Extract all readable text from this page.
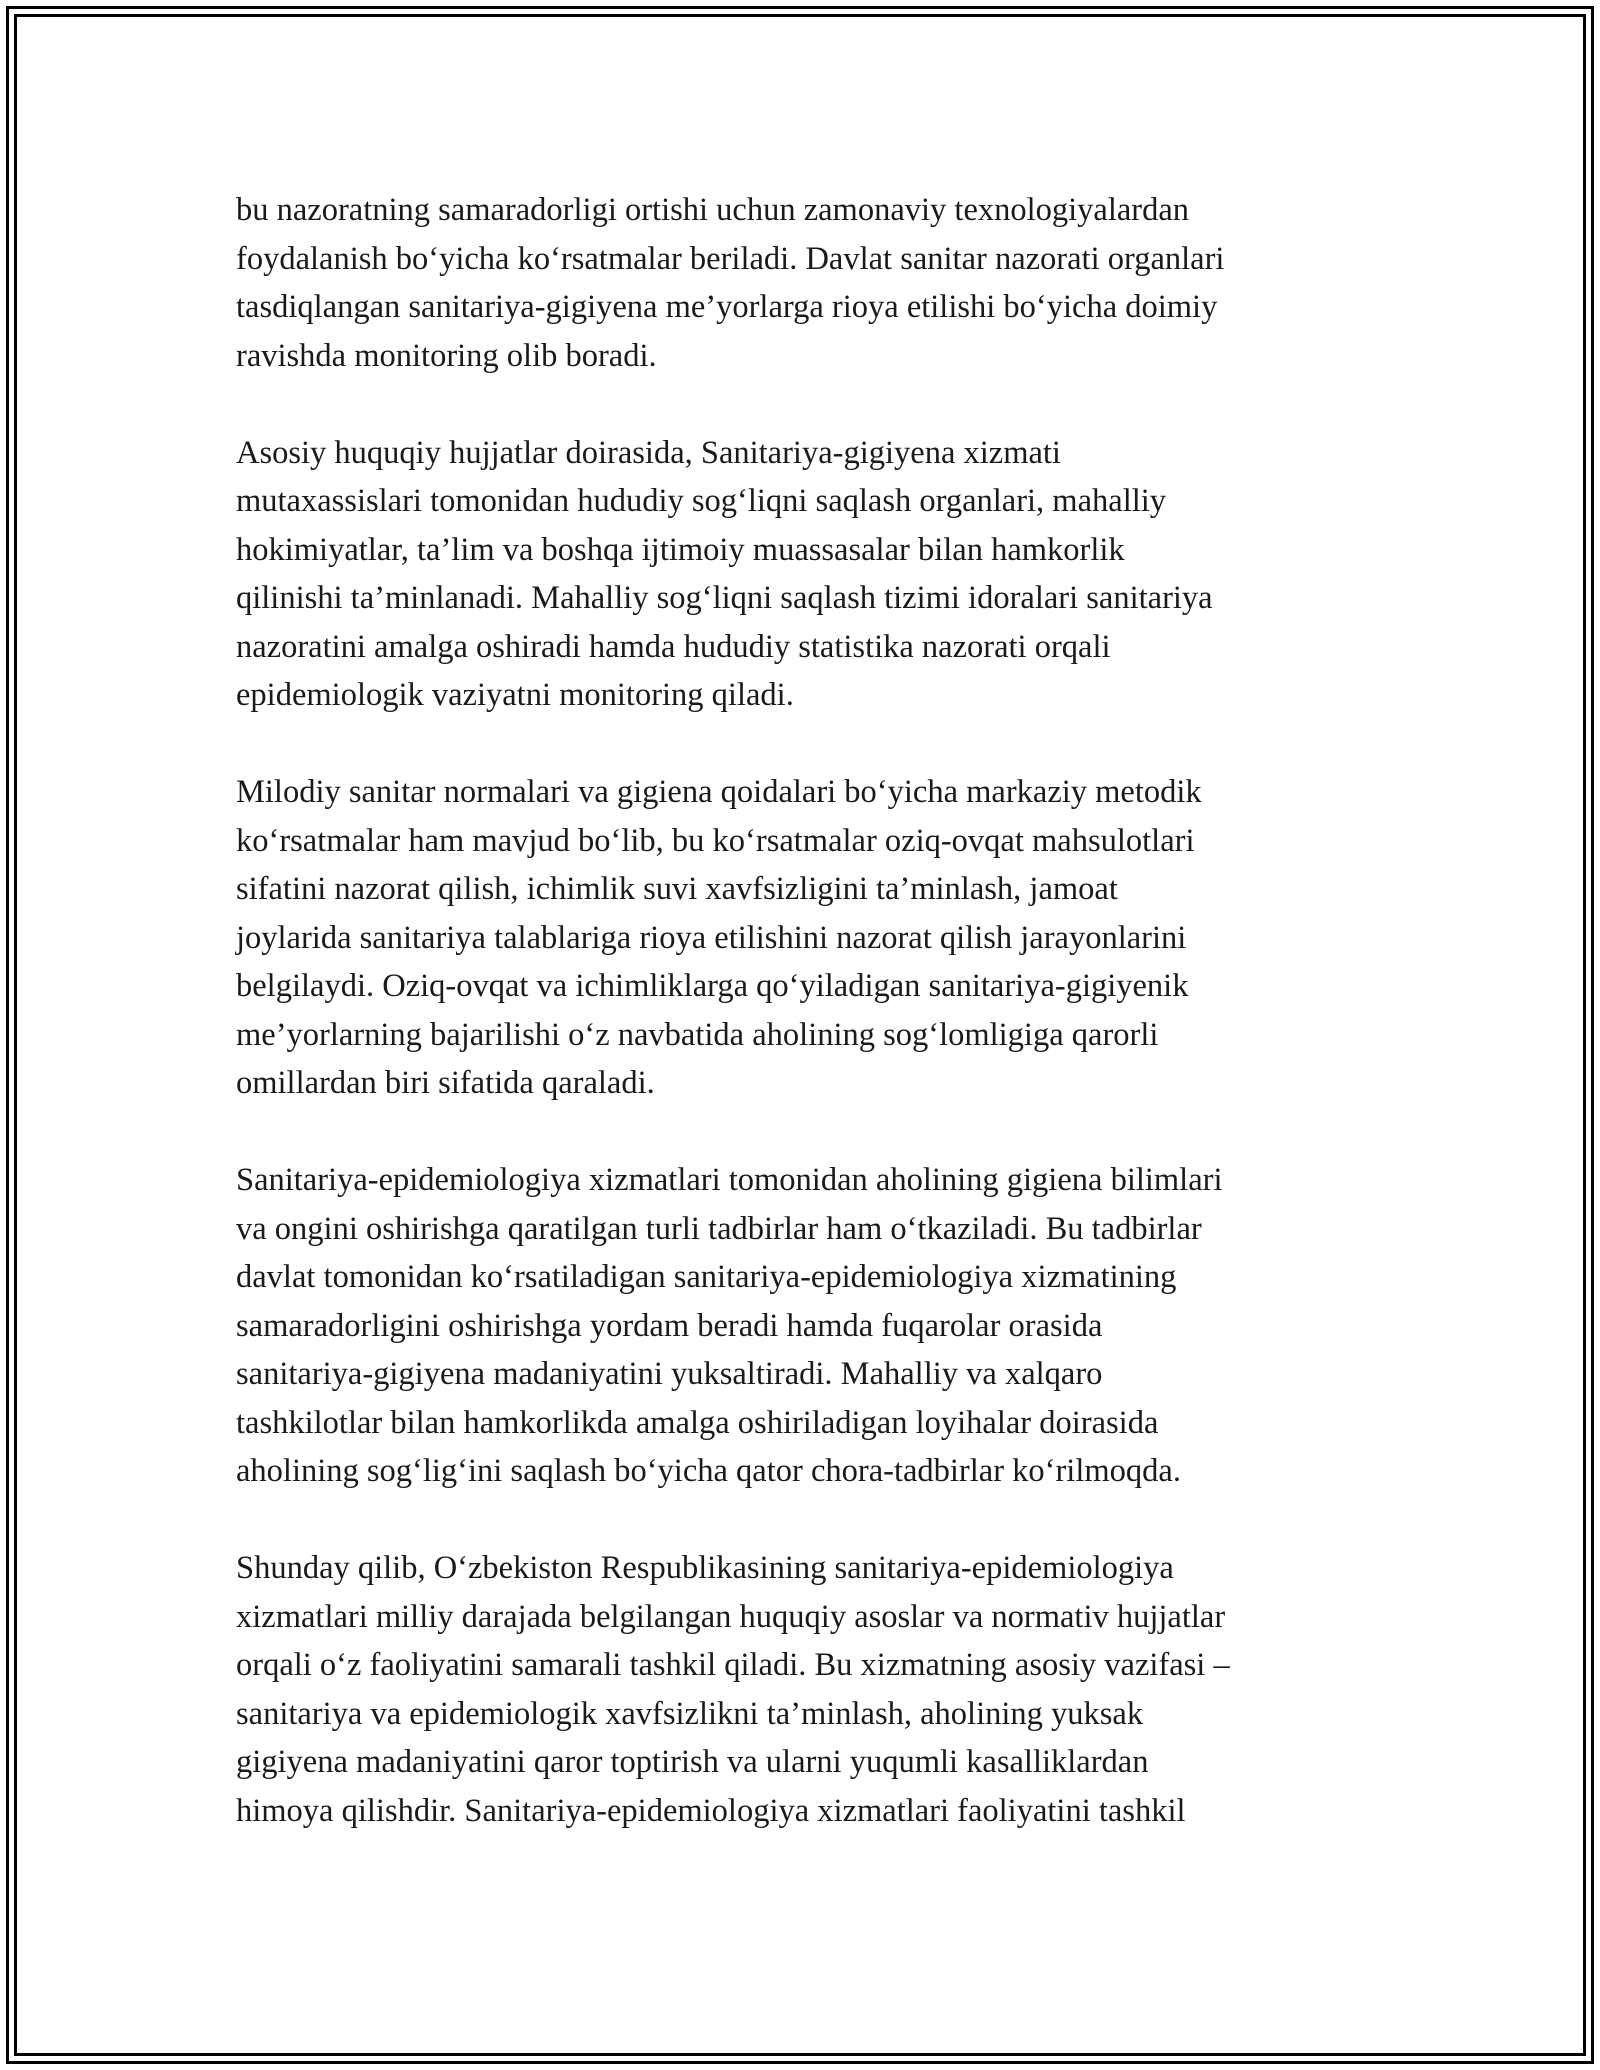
bu nazoratning samaradorligi ortishi uchun zamonaviy texnologiyalardan
foydalanish bo‘yicha ko‘rsatmalar beriladi. Davlat sanitar nazorati organlari
tasdiqlangan sanitariya-gigiyena me’yorlarga rioya etilishi bo‘yicha doimiy
ravishda monitoring olib boradi.

Asosiy huquqiy hujjatlar doirasida, Sanitariya-gigiyena xizmati
mutaxassislari tomonidan hududiy sog‘liqni saqlash organlari, mahalliy
hokimiyatlar, ta’lim va boshqa ijtimoiy muassasalar bilan hamkorlik
qilinishi ta’minlanadi. Mahalliy sog‘liqni saqlash tizimi idoralari sanitariya
nazoratini amalga oshiradi hamda hududiy statistika nazorati orqali
epidemiologik vaziyatni monitoring qiladi.

Milodiy sanitar normalari va gigiena qoidalari bo‘yicha markaziy metodik
ko‘rsatmalar ham mavjud bo‘lib, bu ko‘rsatmalar oziq-ovqat mahsulotlari
sifatini nazorat qilish, ichimlik suvi xavfsizligini ta’minlash, jamoat
joylarida sanitariya talablariga rioya etilishini nazorat qilish jarayonlarini
belgilaydi. Oziq-ovqat va ichimliklarga qo‘yiladigan sanitariya-gigiyenik
me’yorlarning bajarilishi o‘z navbatida aholining sog‘lomligiga qarorli
omillardan biri sifatida qaraladi.

Sanitariya-epidemiologiya xizmatlari tomonidan aholining gigiena bilimlari
va ongini oshirishga qaratilgan turli tadbirlar ham o‘tkaziladi. Bu tadbirlar
davlat tomonidan ko‘rsatiladigan sanitariya-epidemiologiya xizmatining
samaradorligini oshirishga yordam beradi hamda fuqarolar orasida
sanitariya-gigiyena madaniyatini yuksaltiradi. Mahalliy va xalqaro
tashkilotlar bilan hamkorlikda amalga oshiriladigan loyihalar doirasida
aholining sog‘lig‘ini saqlash bo‘yicha qator chora-tadbirlar ko‘rilmoqda.

Shunday qilib, O‘zbekiston Respublikasining sanitariya-epidemiologiya
xizmatlari milliy darajada belgilangan huquqiy asoslar va normativ hujjatlar
orqali o‘z faoliyatini samarali tashkil qiladi. Bu xizmatning asosiy vazifasi –
sanitariya va epidemiologik xavfsizlikni ta’minlash, aholining yuksak
gigiyena madaniyatini qaror toptirish va ularni yuqumli kasalliklardan
himoya qilishdir. Sanitariya-epidemiologiya xizmatlari faoliyatini tashkil
